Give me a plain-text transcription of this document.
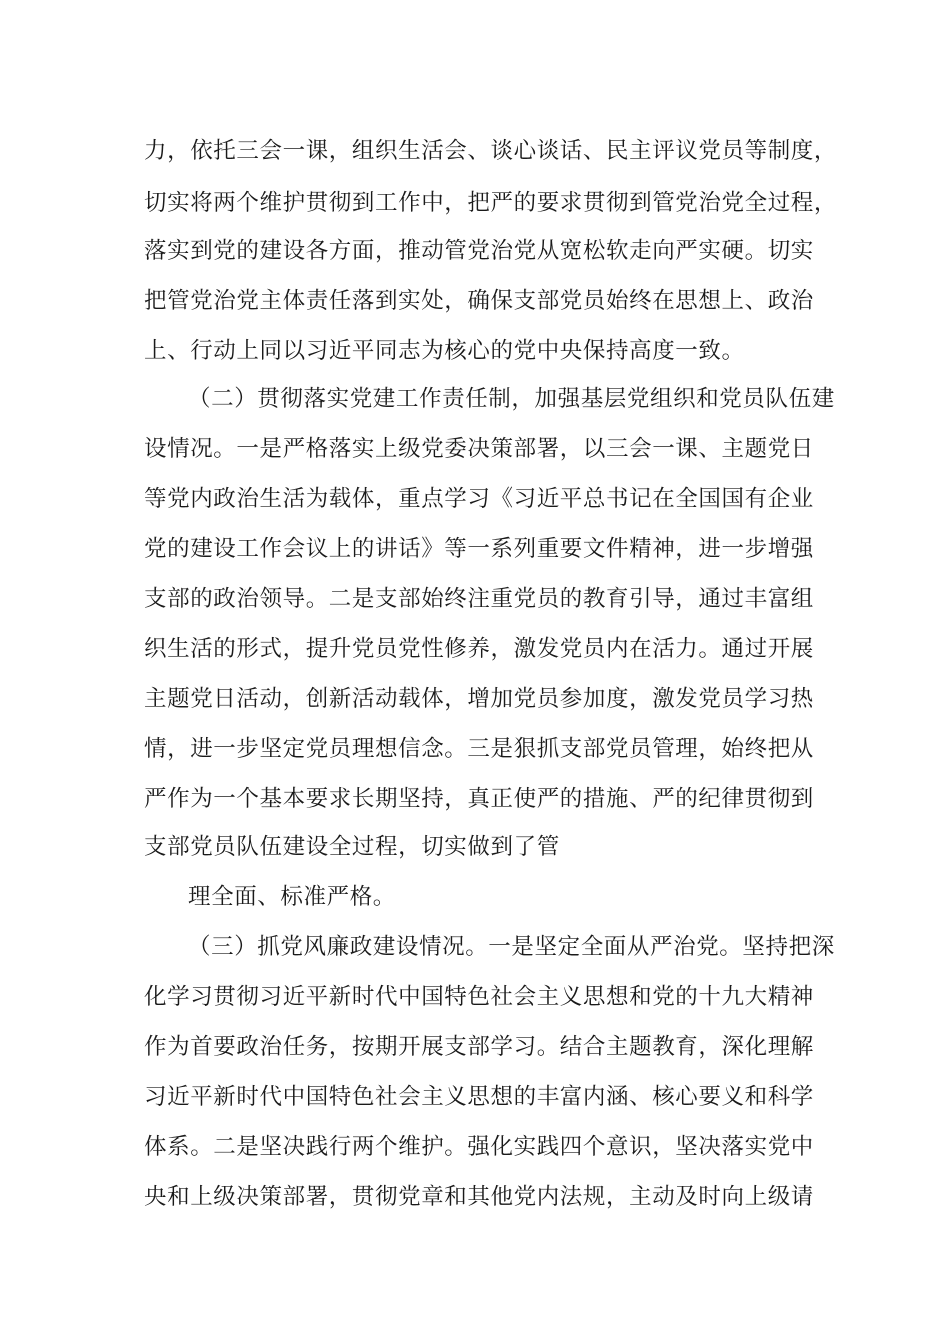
力，依托三会一课，组织生活会、谈心谈话、民主评议党员等制度，
切实将两个维护贯彻到工作中，把严的要求贯彻到管党治党全过程，
落实到党的建设各方面，推动管党治党从宽松软走向严实硬。切实
把管党治党主体责任落到实处，确保支部党员始终在思想上、政治
上、行动上同以习近平同志为核心的党中央保持高度一致。
（二）贯彻落实党建工作责任制，加强基层党组织和党员队伍建
设情况。一是严格落实上级党委决策部署，以三会一课、主题党日
等党内政治生活为载体，重点学习《习近平总书记在全国国有企业
党的建设工作会议上的讲话》等一系列重要文件精神，进一步增强
支部的政治领导。二是支部始终注重党员的教育引导，通过丰富组
织生活的形式，提升党员党性修养，激发党员内在活力。通过开展
主题党日活动，创新活动载体，增加党员参加度，激发党员学习热
情，进一步坚定党员理想信念。三是狠抓支部党员管理，始终把从
严作为一个基本要求长期坚持，真正使严的措施、严的纪律贯彻到
支部党员队伍建设全过程，切实做到了管
理全面、标准严格。
（三）抓党风廉政建设情况。一是坚定全面从严治党。坚持把深
化学习贯彻习近平新时代中国特色社会主义思想和党的十九大精神
作为首要政治任务，按期开展支部学习。结合主题教育，深化理解
习近平新时代中国特色社会主义思想的丰富内涵、核心要义和科学
体系。二是坚决践行两个维护。强化实践四个意识，坚决落实党中
央和上级决策部署，贯彻党章和其他党内法规，主动及时向上级请
